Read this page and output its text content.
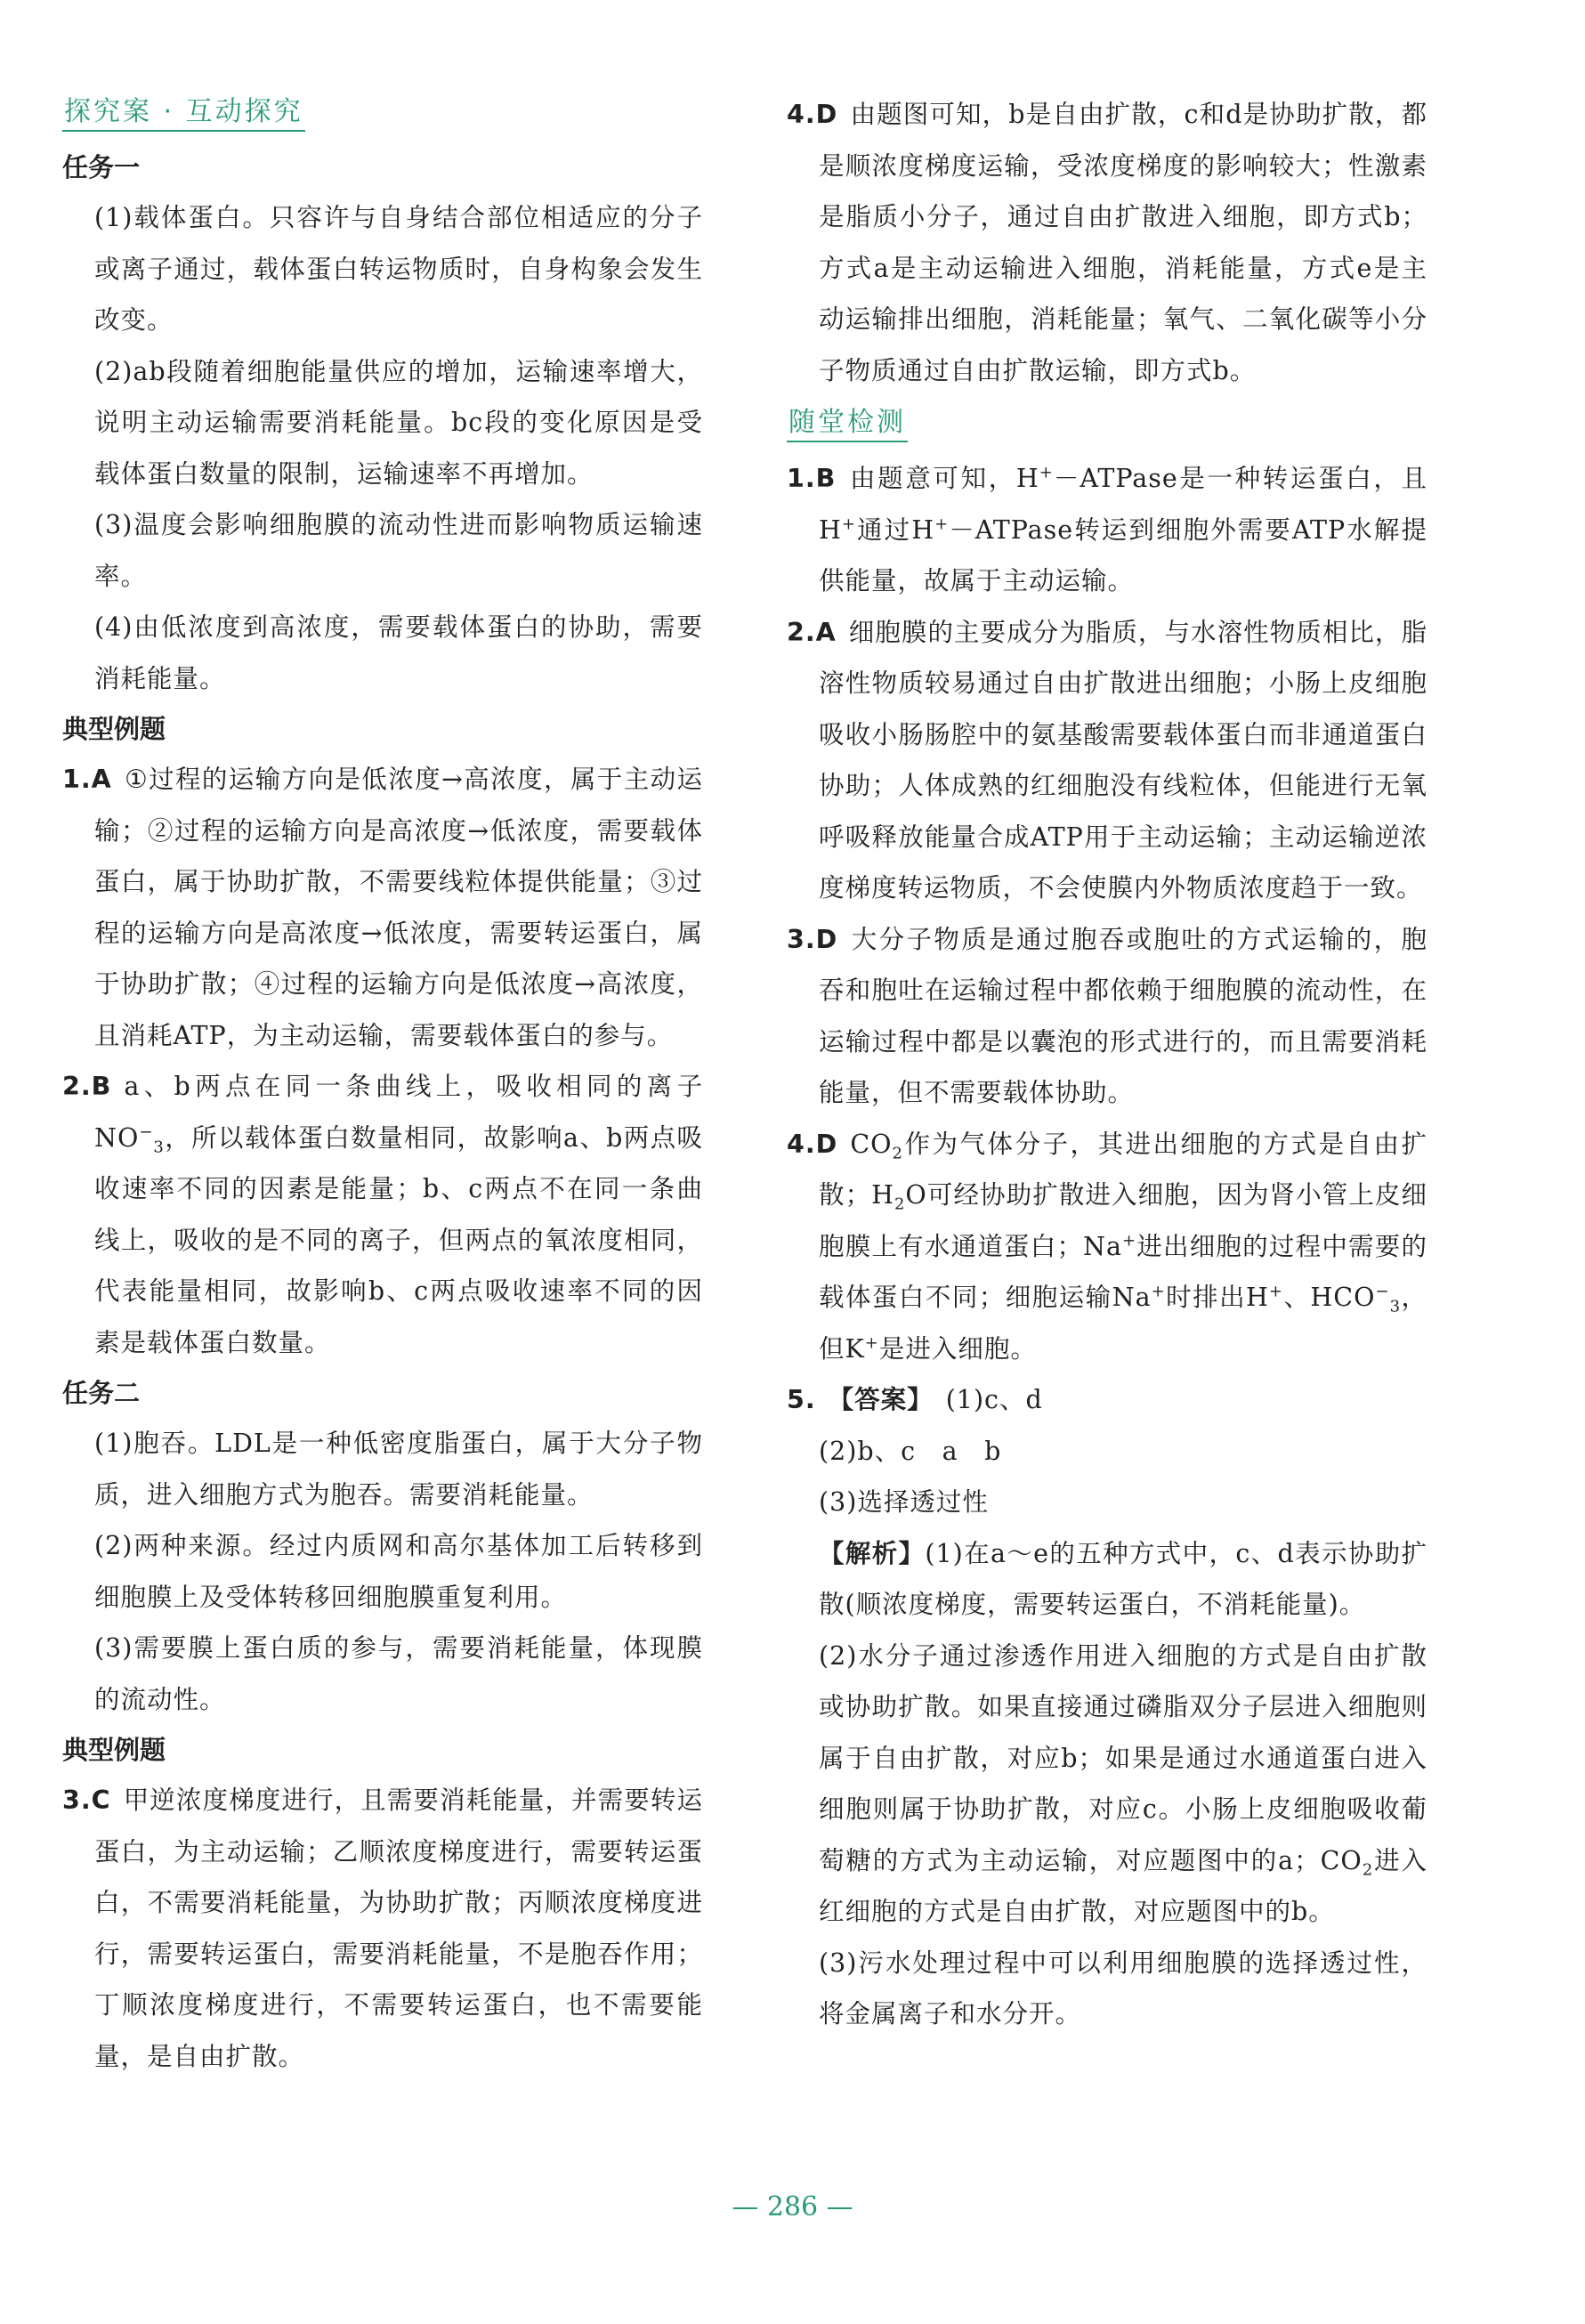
探究案 · 互动探究
任务一

(1)载体蛋白。只容许与自身结合部位相适应的分子或离子通过，载体蛋白转运物质时，自身构象会发生改变。

(2)ab段随着细胞能量供应的增加，运输速率增大，说明主动运输需要消耗能量。bc段的变化原因是受载体蛋白数量的限制，运输速率不再增加。

(3)温度会影响细胞膜的流动性进而影响物质运输速率。

(4)由低浓度到高浓度，需要载体蛋白的协助，需要消耗能量。

典型例题

1.A ①过程的运输方向是低浓度→高浓度，属于主动运输；②过程的运输方向是高浓度→低浓度，需要载体蛋白，属于协助扩散，不需要线粒体提供能量；③过程的运输方向是高浓度→低浓度，需要转运蛋白，属于协助扩散；④过程的运输方向是低浓度→高浓度，且消耗ATP，为主动运输，需要载体蛋白的参与。

2.B a、b两点在同一条曲线上，吸收相同的离子$NO^-_3$，所以载体蛋白数量相同，故影响a、b两点吸收速率不同的因素是能量；b、c两点不在同一条曲线上，吸收的是不同的离子，但两点的氧浓度相同，代表能量相同，故影响b、c两点吸收速率不同的因素是载体蛋白数量。

任务二

(1)胞吞。LDL是一种低密度脂蛋白，属于大分子物质，进入细胞方式为胞吞。需要消耗能量。

(2)两种来源。经过内质网和高尔基体加工后转移到细胞膜上及受体转移回细胞膜重复利用。

(3)需要膜上蛋白质的参与，需要消耗能量，体现膜的流动性。

典型例题

3.C 甲逆浓度梯度进行，且需要消耗能量，并需要转运蛋白，为主动运输；乙顺浓度梯度进行，需要转运蛋白，不需要消耗能量，为协助扩散；丙顺浓度梯度进行，需要转运蛋白，需要消耗能量，不是胞吞作用；丁顺浓度梯度进行，不需要转运蛋白，也不需要能量，是自由扩散。

4.D 由题图可知，b是自由扩散，c和d是协助扩散，都是顺浓度梯度运输，受浓度梯度的影响较大；性激素是脂质小分子，通过自由扩散进入细胞，即方式b；方式a是主动运输进入细胞，消耗能量，方式e是主动运输排出细胞，消耗能量；氧气、二氧化碳等小分子物质通过自由扩散运输，即方式b。

随堂检测

1.B 由题意可知，H+－ATPase是一种转运蛋白，且H+通过H+－ATPase转运到细胞外需要ATP水解提供能量，故属于主动运输。

2.A 细胞膜的主要成分为脂质，与水溶性物质相比，脂溶性物质较易通过自由扩散进出细胞；小肠上皮细胞吸收小肠肠腔中的氨基酸需要载体蛋白而非通道蛋白协助；人体成熟的红细胞没有线粒体，但能进行无氧呼吸释放能量合成ATP用于主动运输；主动运输逆浓度梯度转运物质，不会使膜内外物质浓度趋于一致。

3.D 大分子物质是通过胞吞或胞吐的方式运输的，胞吞和胞吐在运输过程中都依赖于细胞膜的流动性，在运输过程中都是以囊泡的形式进行的，而且需要消耗能量，但不需要载体协助。

4.D $CO_2$作为气体分子，其进出细胞的方式是自由扩散；$H_2O$可经协助扩散进入细胞，因为肾小管上皮细胞膜上有水通道蛋白；Na+进出细胞的过程中需要的载体蛋白不同；细胞运输Na+时排出H+、$HCO^-_3$，但K+是进入细胞。

5. 【答案】 (1)c、d

(2)b、c　a　b

(3)选择透过性

【解析】(1)在a～e的五种方式中，c、d表示协助扩散(顺浓度梯度，需要转运蛋白，不消耗能量)。

(2)水分子通过渗透作用进入细胞的方式是自由扩散或协助扩散。如果直接通过磷脂双分子层进入细胞则属于自由扩散，对应b；如果是通过水通道蛋白进入细胞则属于协助扩散，对应c。小肠上皮细胞吸收葡萄糖的方式为主动运输，对应题图中的a；$CO_2$进入红细胞的方式是自由扩散，对应题图中的b。

(3)污水处理过程中可以利用细胞膜的选择透过性，将金属离子和水分开。

— 286 —
